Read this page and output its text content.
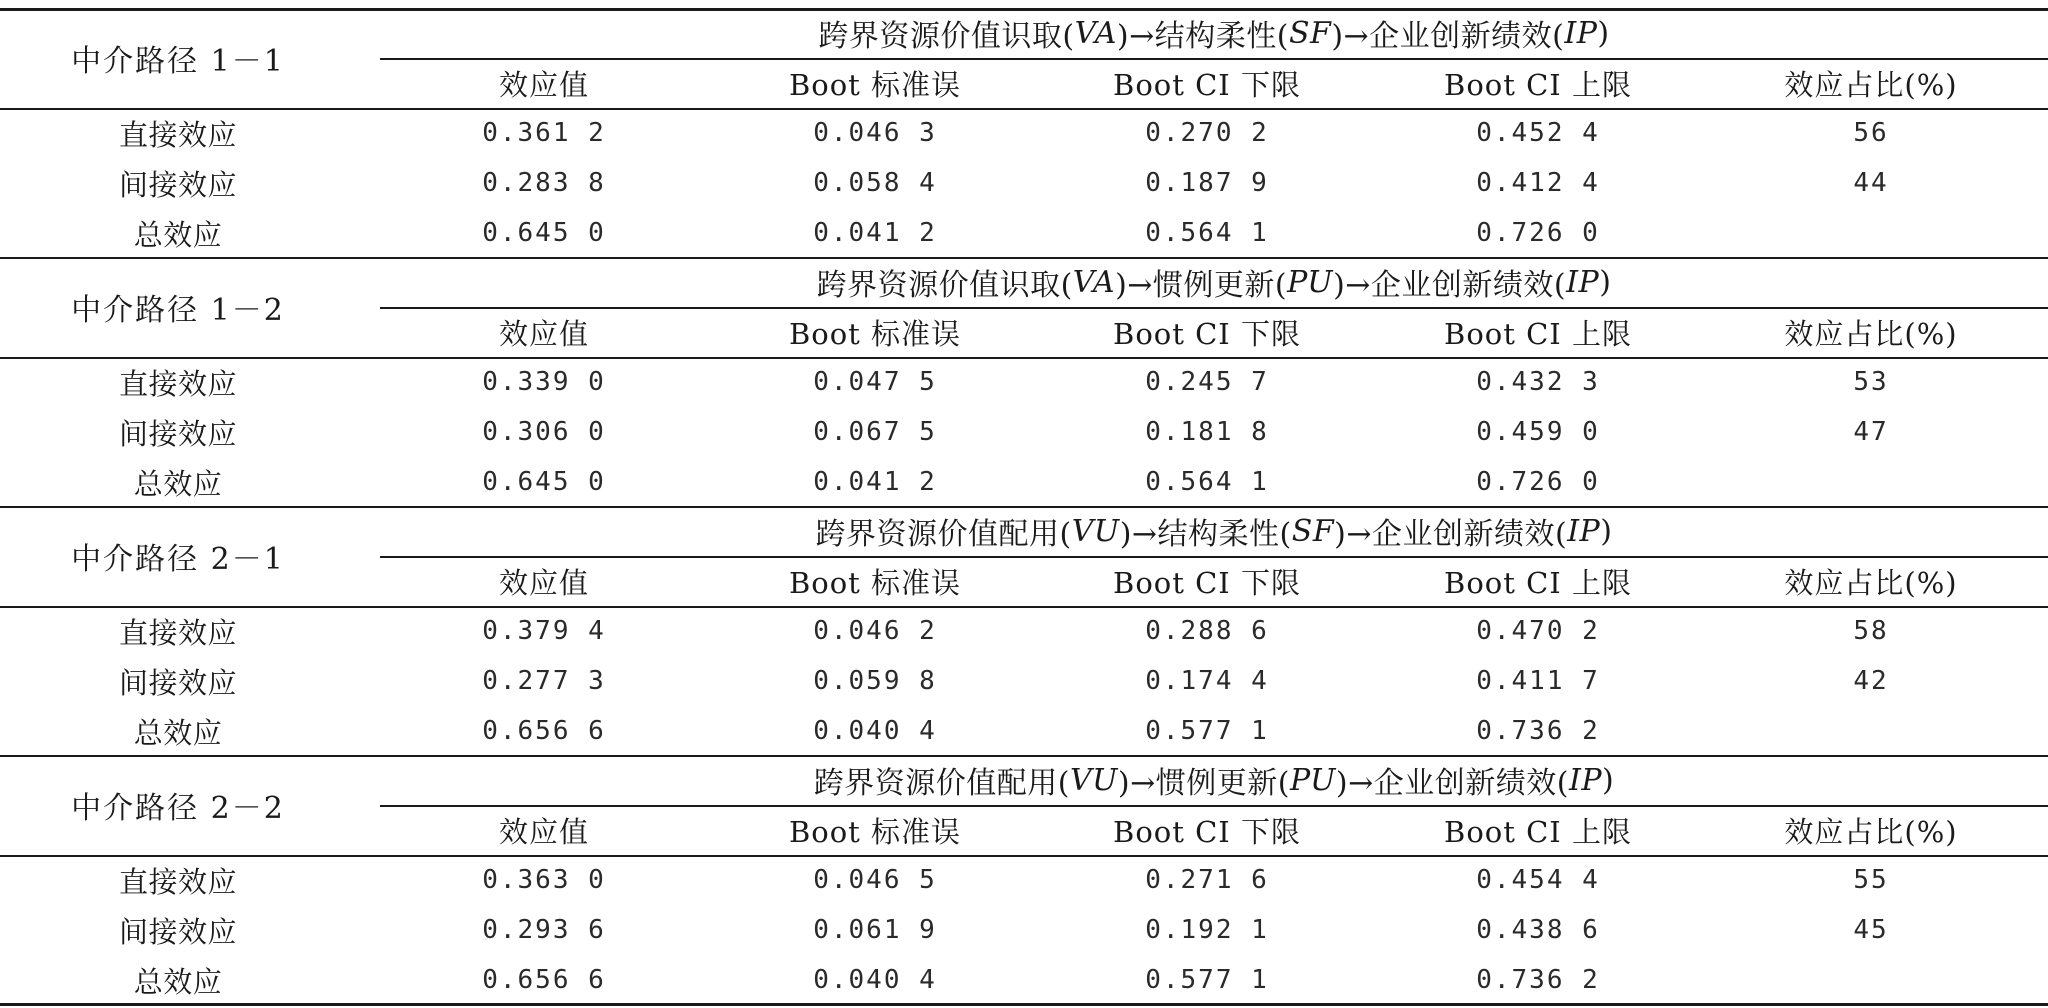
中介路径 1－1
跨界资源价值识取( VA )→结构柔性( SF )→企业创新绩效( IP )
效应值	Boot 标准误	Boot CI 下限	Boot CI 上限	效应占比(%)
直接效应	0.361 2	0.046 3	0.270 2	0.452 4	56
间接效应	0.283 8	0.058 4	0.187 9	0.412 4	44
总效应	0.645 0	0.041 2	0.564 1	0.726 0
中介路径 1－2
跨界资源价值识取( VA )→惯例更新( PU )→企业创新绩效( IP )
效应值	Boot 标准误	Boot CI 下限	Boot CI 上限	效应占比(%)
直接效应	0.339 0	0.047 5	0.245 7	0.432 3	53
间接效应	0.306 0	0.067 5	0.181 8	0.459 0	47
总效应	0.645 0	0.041 2	0.564 1	0.726 0
中介路径 2－1
跨界资源价值配用( VU )→结构柔性( SF )→企业创新绩效( IP )
效应值	Boot 标准误	Boot CI 下限	Boot CI 上限	效应占比(%)
直接效应	0.379 4	0.046 2	0.288 6	0.470 2	58
间接效应	0.277 3	0.059 8	0.174 4	0.411 7	42
总效应	0.656 6	0.040 4	0.577 1	0.736 2
中介路径 2－2
跨界资源价值配用( VU )→惯例更新( PU )→企业创新绩效( IP )
效应值	Boot 标准误	Boot CI 下限	Boot CI 上限	效应占比(%)
直接效应	0.363 0	0.046 5	0.271 6	0.454 4	55
间接效应	0.293 6	0.061 9	0.192 1	0.438 6	45
总效应	0.656 6	0.040 4	0.577 1	0.736 2
